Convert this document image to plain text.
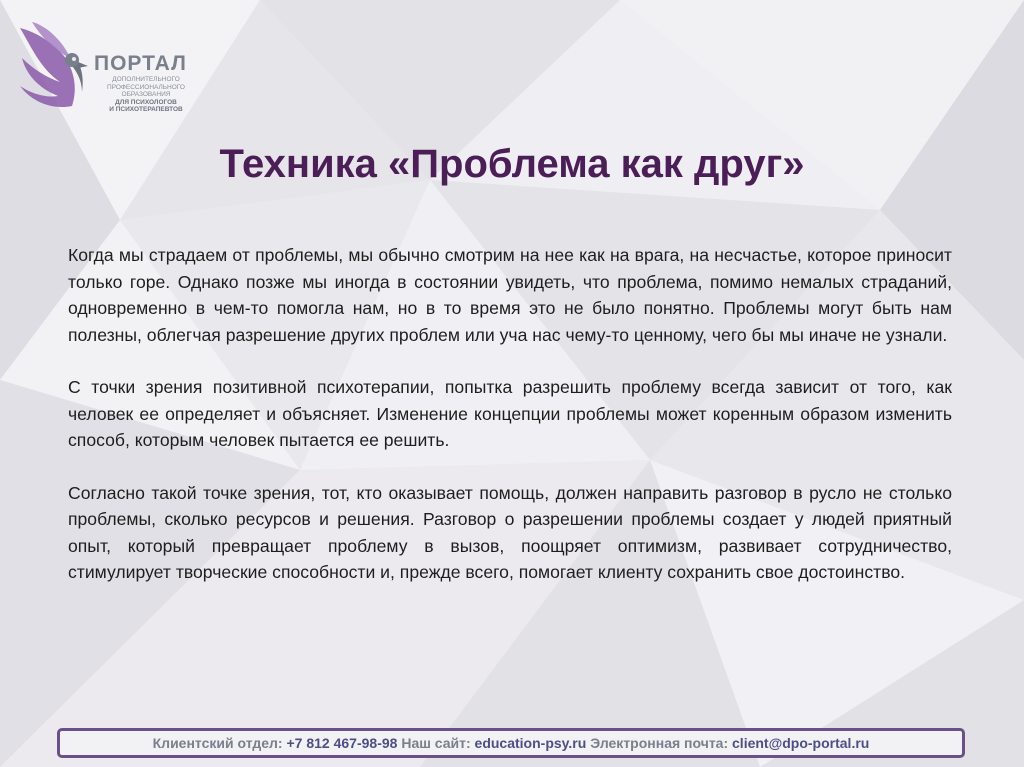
ПОРТАЛ
ДОПОЛНИТЕЛЬНОГО
ПРОФЕССИОНАЛЬНОГО
ОБРАЗОВАНИЯ
ДЛЯ ПСИХОЛОГОВ
И ПСИХОТЕРАПЕВТОВ
Техника «Проблема как друг»

Когда мы страдаем от проблемы, мы обычно смотрим на нее как на врага, на несчастье, которое приносит только горе. Однако позже мы иногда в состоянии увидеть, что проблема, помимо немалых страданий, одновременно в чем-то помогла нам, но в то время это не было понятно. Проблемы могут быть нам полезны, облегчая разрешение других проблем или уча нас чему-то ценному, чего бы мы иначе не узнали.

С точки зрения позитивной психотерапии, попытка разрешить проблему всегда зависит от того, как человек ее определяет и объясняет. Изменение концепции проблемы может коренным образом изменить способ, которым человек пытается ее решить.

Согласно такой точке зрения, тот, кто оказывает помощь, должен направить разговор в русло не столько проблемы, сколько ресурсов и решения. Разговор о разрешении проблемы создает у людей приятный опыт, который превращает проблему в вызов, поощряет оптимизм, развивает сотрудничество, стимулирует творческие способности и, прежде всего, помогает клиенту сохранить свое достоинство.

Клиентский отдел: +7 812 467-98-98 Наш сайт: education-psy.ru Электронная почта: client@dpo-portal.ru
